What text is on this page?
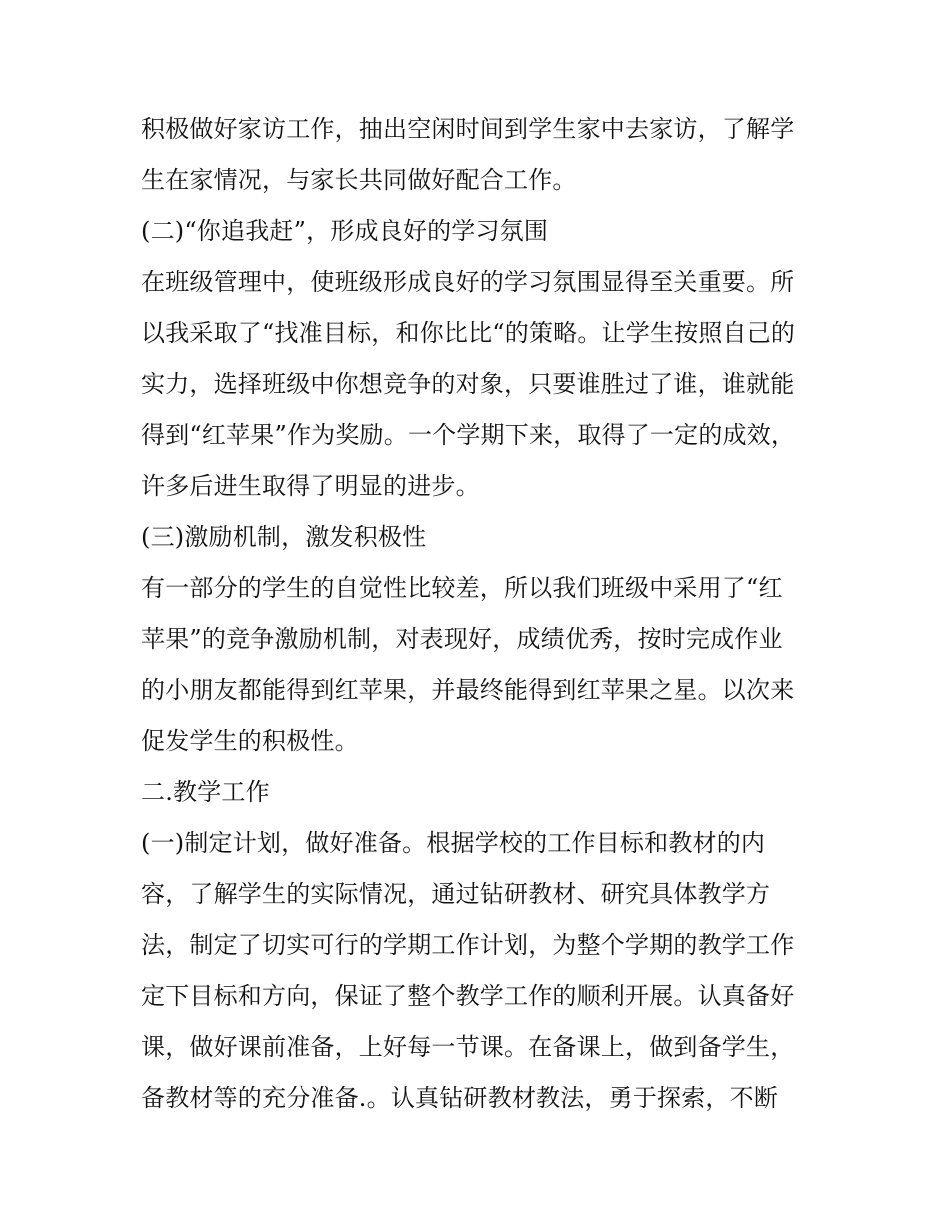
积极做好家访工作，抽出空闲时间到学生家中去家访，了解学
生在家情况，与家长共同做好配合工作。
(二)“你追我赶”，形成良好的学习氛围
在班级管理中，使班级形成良好的学习氛围显得至关重要。所
以我采取了“找准目标，和你比比“的策略。让学生按照自己的
实力，选择班级中你想竞争的对象，只要谁胜过了谁，谁就能
得到“红苹果”作为奖励。一个学期下来，取得了一定的成效，
许多后进生取得了明显的进步。
(三)激励机制，激发积极性
有一部分的学生的自觉性比较差，所以我们班级中采用了“红
苹果”的竞争激励机制，对表现好，成绩优秀，按时完成作业
的小朋友都能得到红苹果，并最终能得到红苹果之星。以次来
促发学生的积极性。
二.教学工作
(一)制定计划，做好准备。根据学校的工作目标和教材的内
容，了解学生的实际情况，通过钻研教材、研究具体教学方
法，制定了切实可行的学期工作计划，为整个学期的教学工作
定下目标和方向，保证了整个教学工作的顺利开展。认真备好
课，做好课前准备，上好每一节课。在备课上，做到备学生，
备教材等的充分准备.。认真钻研教材教法，勇于探索，不断
